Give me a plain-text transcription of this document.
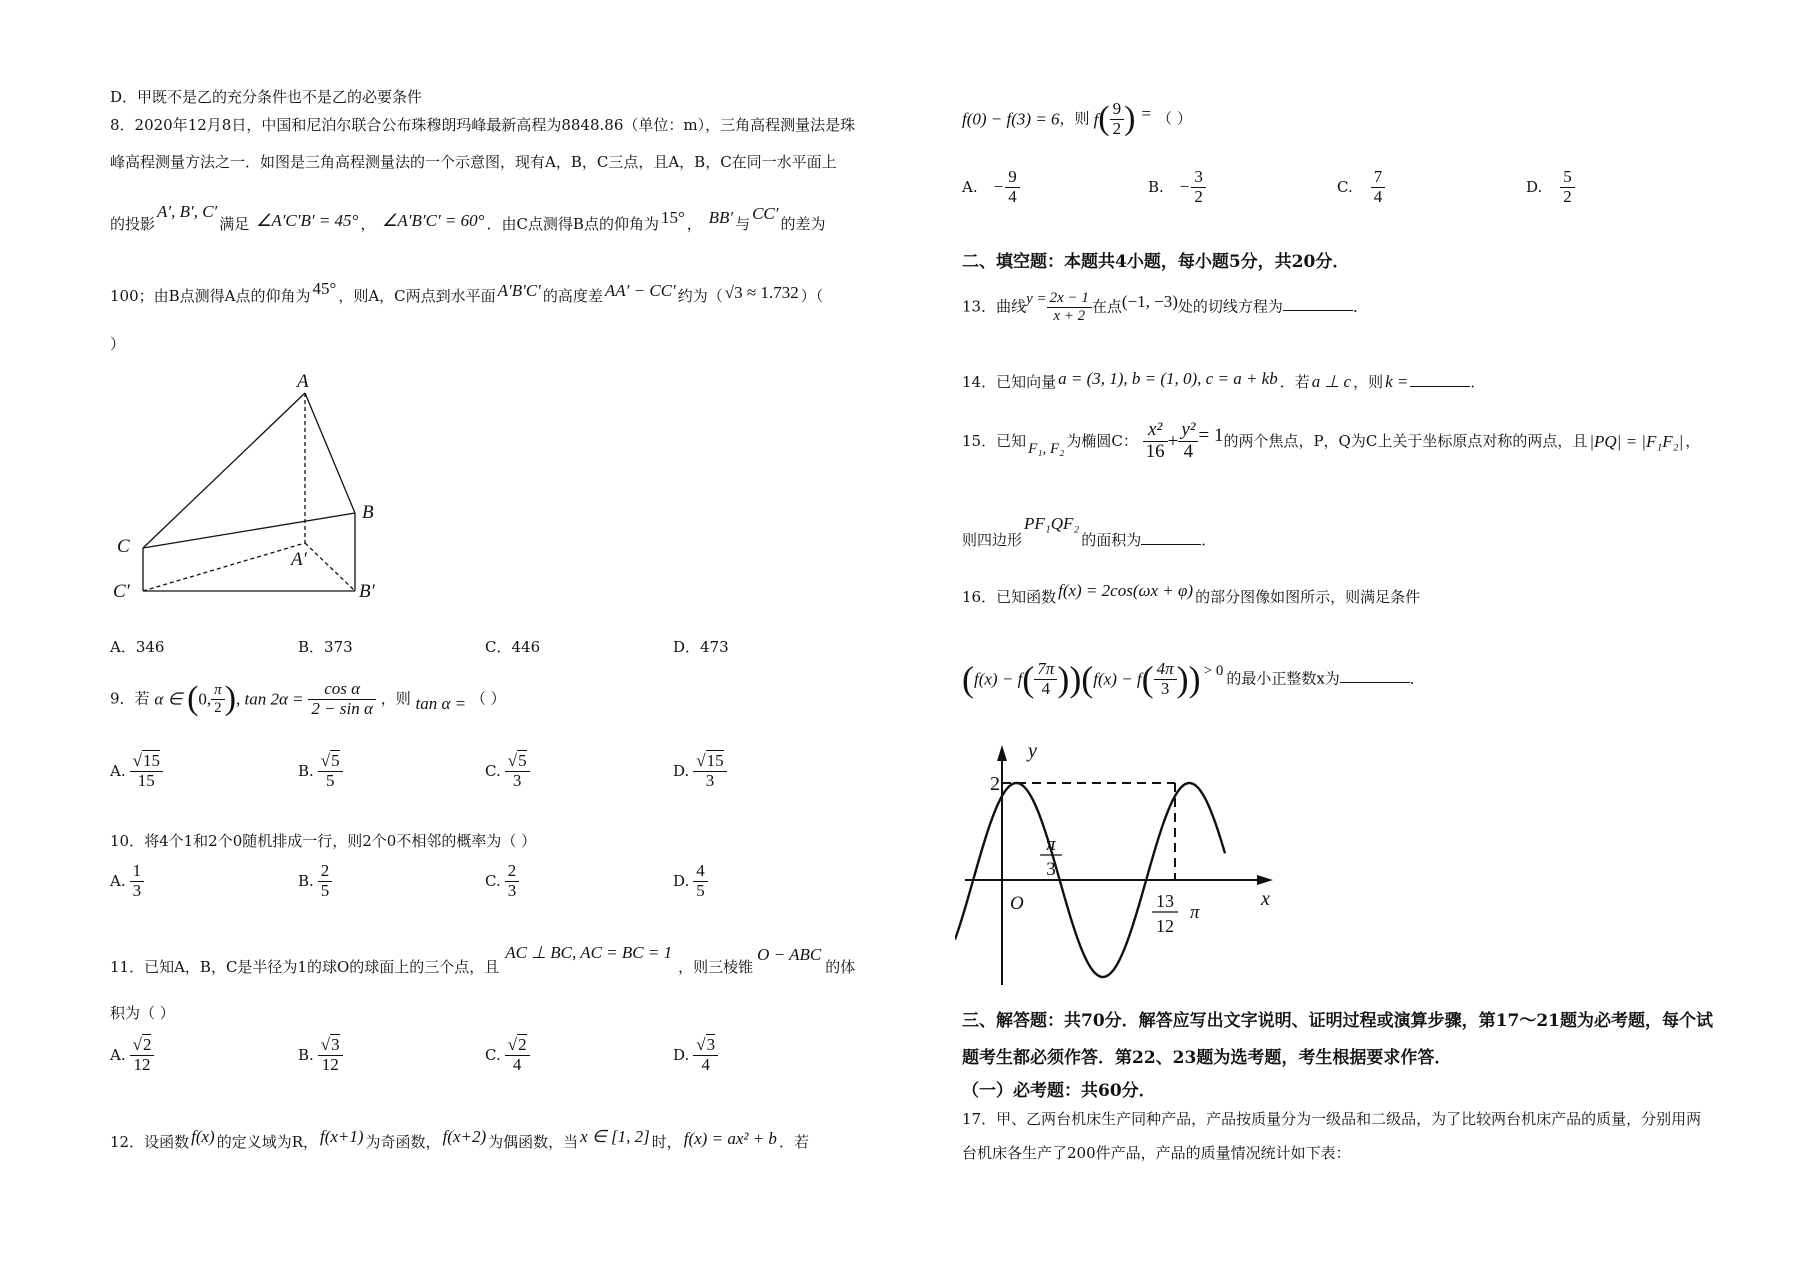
D．甲既不是乙的充分条件也不是乙的必要条件
8．2020年12月8日，中国和尼泊尔联合公布珠穆朗玛峰最新高程为8848.86（单位：m），三角高程测量法是珠
峰高程测量方法之一．如图是三角高程测量法的一个示意图，现有A，B，C三点，且A，B，C在同一水平面上
的投影A′, B′, C′满足 ∠A′C′B′ = 45° ， ∠A′B′C′ = 60° ．由C点测得B点的仰角为 15° ， BB′ 与CC′的差为
100；由B点测得A点的仰角为 45° ，则A，C两点到水平面 A′B′C′ 的高度差 AA′ − CC′ 约为（ √3 ≈ 1.732 ）（
）
A
B
C
A′
B′
C′
A．346	B．373	C．446	D．473
9．若 α ∈ (0, $\frac{\pi}{2}$ ), $\tan 2\alpha = \frac{\text{cos α}}{\text{2 − sin α}}$ ，则 tan α = （ ）
A. $\frac{√15}{15}$	B. $\frac{√5}{5}$	C. $\frac{√5}{3}$	D. $\frac{√15}{3}$
10．将4个1和2个0随机排成一行，则2个0不相邻的概率为（ ）
A. $\frac{1}{3}$	B. $\frac{2}{5}$	C. $\frac{2}{3}$	D. $\frac{4}{5}$
11．已知A，B，C是半径为1的球O的球面上的三个点，且AC ⊥ BC, AC = BC = 1，则三棱锥O − ABC的体
积为（ ）
A. $\frac{√2}{12}$	B. $\frac{√3}{12}$	C. $\frac{√2}{4}$	D. $\frac{√3}{4}$
12．设函数 f(x) 的定义域为R， f(x+1) 为奇函数， f(x+2) 为偶函数，当 x ∈ [1, 2] 时， f(x) = ax² + b ．若
f(0) − f(3) = 6，则 $f( \frac{9}{2}$ ) = （ ）
A. − $\frac{9}{4}$	B. − $\frac{3}{2}$	C. $\frac{7}{4}$	D. $\frac{5}{2}$
二、填空题：本题共4小题，每小题5分，共20分．
13．曲线$y = \frac{2x - 1}{x + 2}$ 在点(−1, −3)处的切线方程为	．
14．已知向量 a = (3, 1), b = (1, 0), c = a + kb ．若 a ⊥ c ，则 k =	．
15．已知 F₁, F₂ 为椭圆C： $\frac{\text{x²}}{16} + \frac{\text{y²}}{4} = 1$的两个焦点，P，Q为C上关于坐标原点对称的两点，且 |PQ| = |F₁F₂| ，
则四边形PF₁QF₂的面积为	．
16．已知函数 f(x) = 2cos(ωx + φ) 的部分图像如图所示，则满足条件
$(f(x) - f( \frac{7\pi}{4} ))(f(x) - f( \frac{4\pi}{3}$ )) > 0 的最小正整数x为	．
y
x
O
2
π
3
13
12
π
三、解答题：共70分．解答应写出文字说明、证明过程或演算步骤，第17～21题为必考题，每个试
题考生都必须作答．第22、23题为选考题，考生根据要求作答．
（一）必考题：共60分．
17．甲、乙两台机床生产同种产品，产品按质量分为一级品和二级品，为了比较两台机床产品的质量，分别用两
台机床各生产了200件产品，产品的质量情况统计如下表：
